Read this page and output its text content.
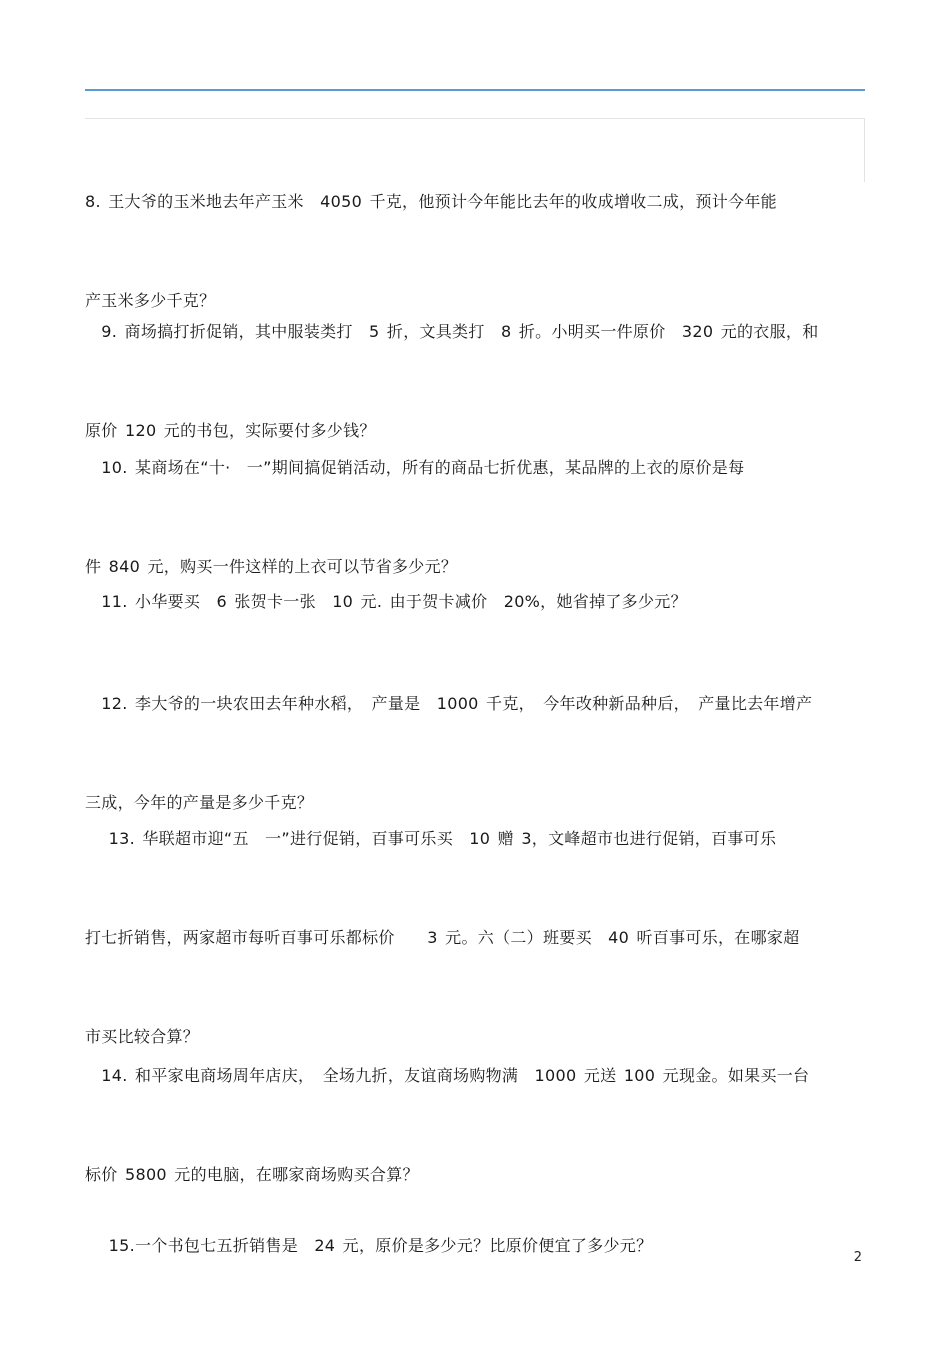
8. 王大爷的玉米地去年产玉米　4050 千克，他预计今年能比去年的收成增收二成，预计今年能

产玉米多少千克？

　9. 商场搞打折促销，其中服装类打　5 折，文具类打　8 折。小明买一件原价　320 元的衣服，和

原价 120 元的书包，实际要付多少钱？

　10. 某商场在“十·　一”期间搞促销活动，所有的商品七折优惠，某品牌的上衣的原价是每

件 840 元，购买一件这样的上衣可以节省多少元？

　11. 小华要买　6 张贺卡一张　10 元. 由于贺卡减价　20%，她省掉了多少元？

　12. 李大爷的一块农田去年种水稻，　产量是　1000 千克，　今年改种新品种后，　产量比去年增产

三成，今年的产量是多少千克？

　 13. 华联超市迎“五　一”进行促销，百事可乐买　10 赠 3，文峰超市也进行促销，百事可乐

打七折销售，两家超市每听百事可乐都标价　　3 元。六（二）班要买　40 听百事可乐，在哪家超

市买比较合算？

　14. 和平家电商场周年店庆，　全场九折，友谊商场购物满　1000 元送 100 元现金。如果买一台

标价 5800 元的电脑，在哪家商场购买合算？

　 15.一个书包七五折销售是　24 元，原价是多少元？比原价便宜了多少元？

2
